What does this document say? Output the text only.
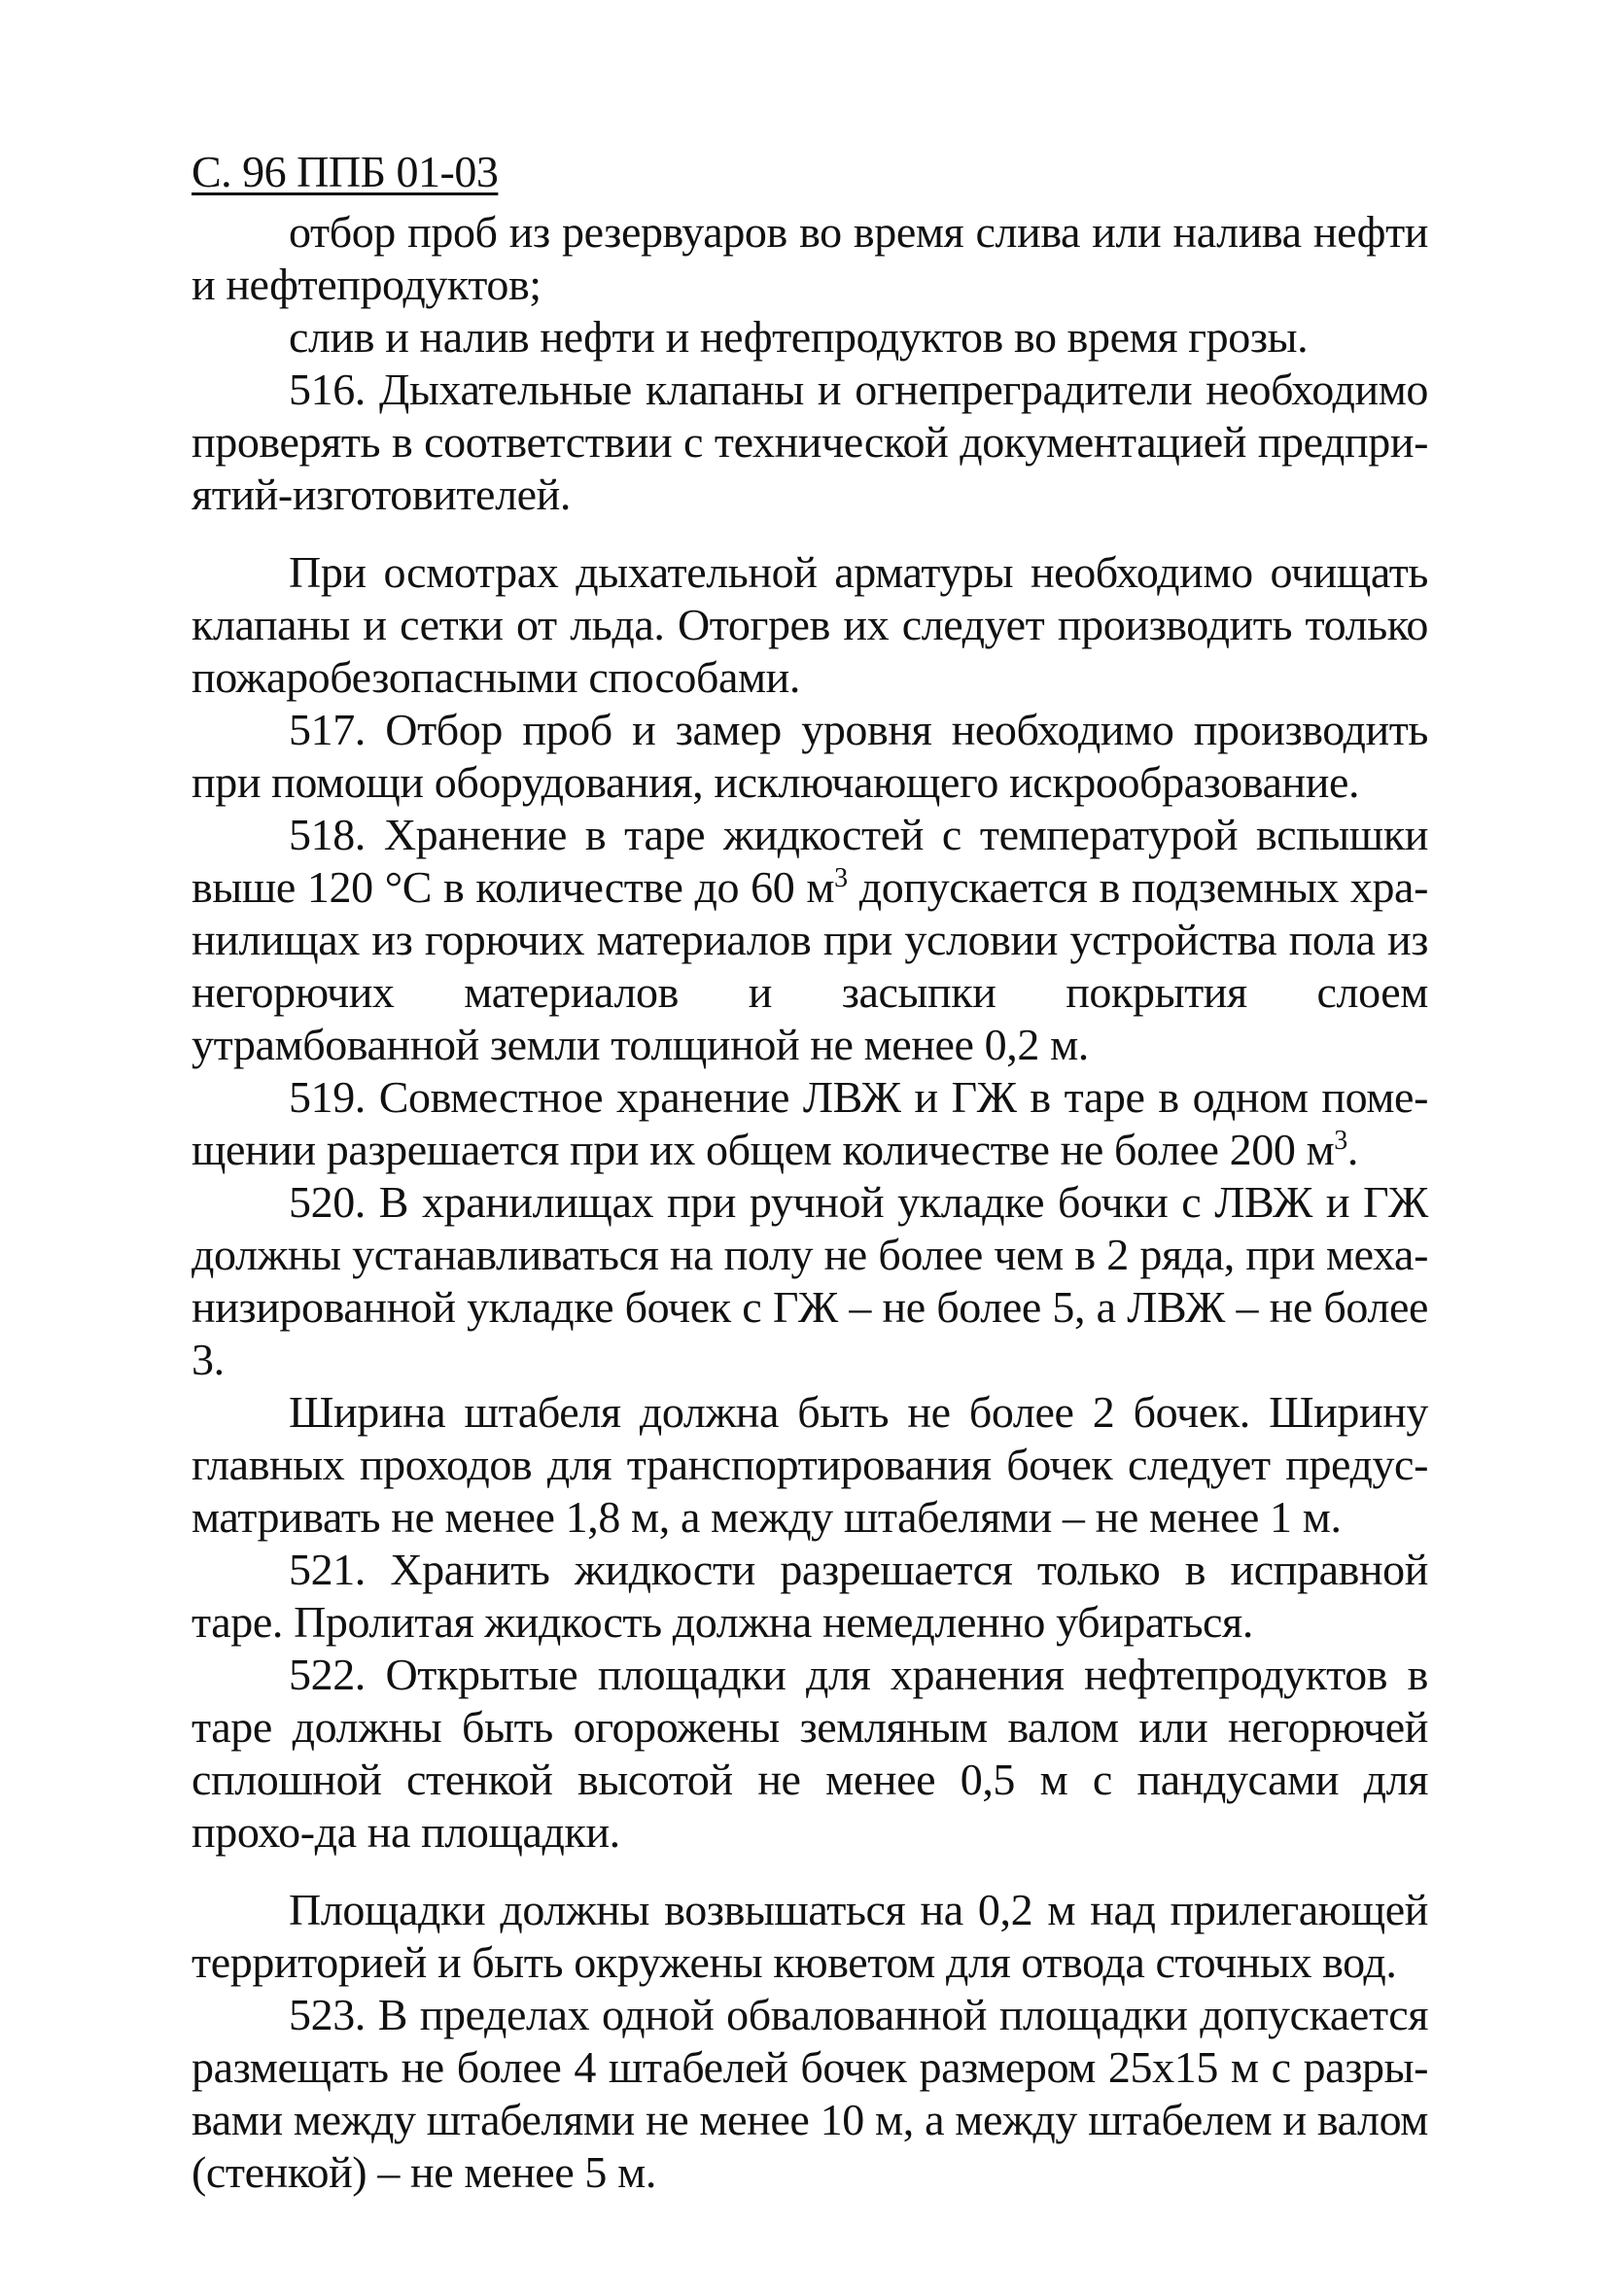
С. 96 ППБ 01-03

отбор проб из резервуаров во время слива или налива нефти и нефтепродуктов;

слив и налив нефти и нефтепродуктов во время грозы.

516. Дыхательные клапаны и огнепреградители необходимо проверять в соответствии с технической документацией предпри-ятий-изготовителей.

При осмотрах дыхательной арматуры необходимо очищать клапаны и сетки от льда. Отогрев их следует производить только пожаробезопасными способами.

517. Отбор проб и замер уровня необходимо производить при помощи оборудования, исключающего искрообразование.

518. Хранение в таре жидкостей с температурой вспышки выше 120 °С в количестве до 60 $м^3$ допускается в подземных хра-нилищах из горючих материалов при условии устройства пола из негорючих материалов и засыпки покрытия слоем утрамбованной земли толщиной не менее 0,2 м.

519. Совместное хранение ЛВЖ и ГЖ в таре в одном поме-щении разрешается при их общем количестве не более 200 $м^3$.

520. В хранилищах при ручной укладке бочки с ЛВЖ и ГЖ должны устанавливаться на полу не более чем в 2 ряда, при меха-низированной укладке бочек с ГЖ – не более 5, а ЛВЖ – не более 3.

Ширина штабеля должна быть не более 2 бочек. Ширину главных проходов для транспортирования бочек следует предус-матривать не менее 1,8 м, а между штабелями – не менее 1 м.

521. Хранить жидкости разрешается только в исправной таре. Пролитая жидкость должна немедленно убираться.

522. Открытые площадки для хранения нефтепродуктов в таре должны быть огорожены земляным валом или негорючей сплошной стенкой высотой не менее 0,5 м с пандусами для прохо-да на площадки.

Площадки должны возвышаться на 0,2 м над прилегающей территорией и быть окружены кюветом для отвода сточных вод.

523. В пределах одной обвалованной площадки допускается размещать не более 4 штабелей бочек размером 25х15 м с разры-вами между штабелями не менее 10 м, а между штабелем и валом (стенкой) – не менее 5 м.
